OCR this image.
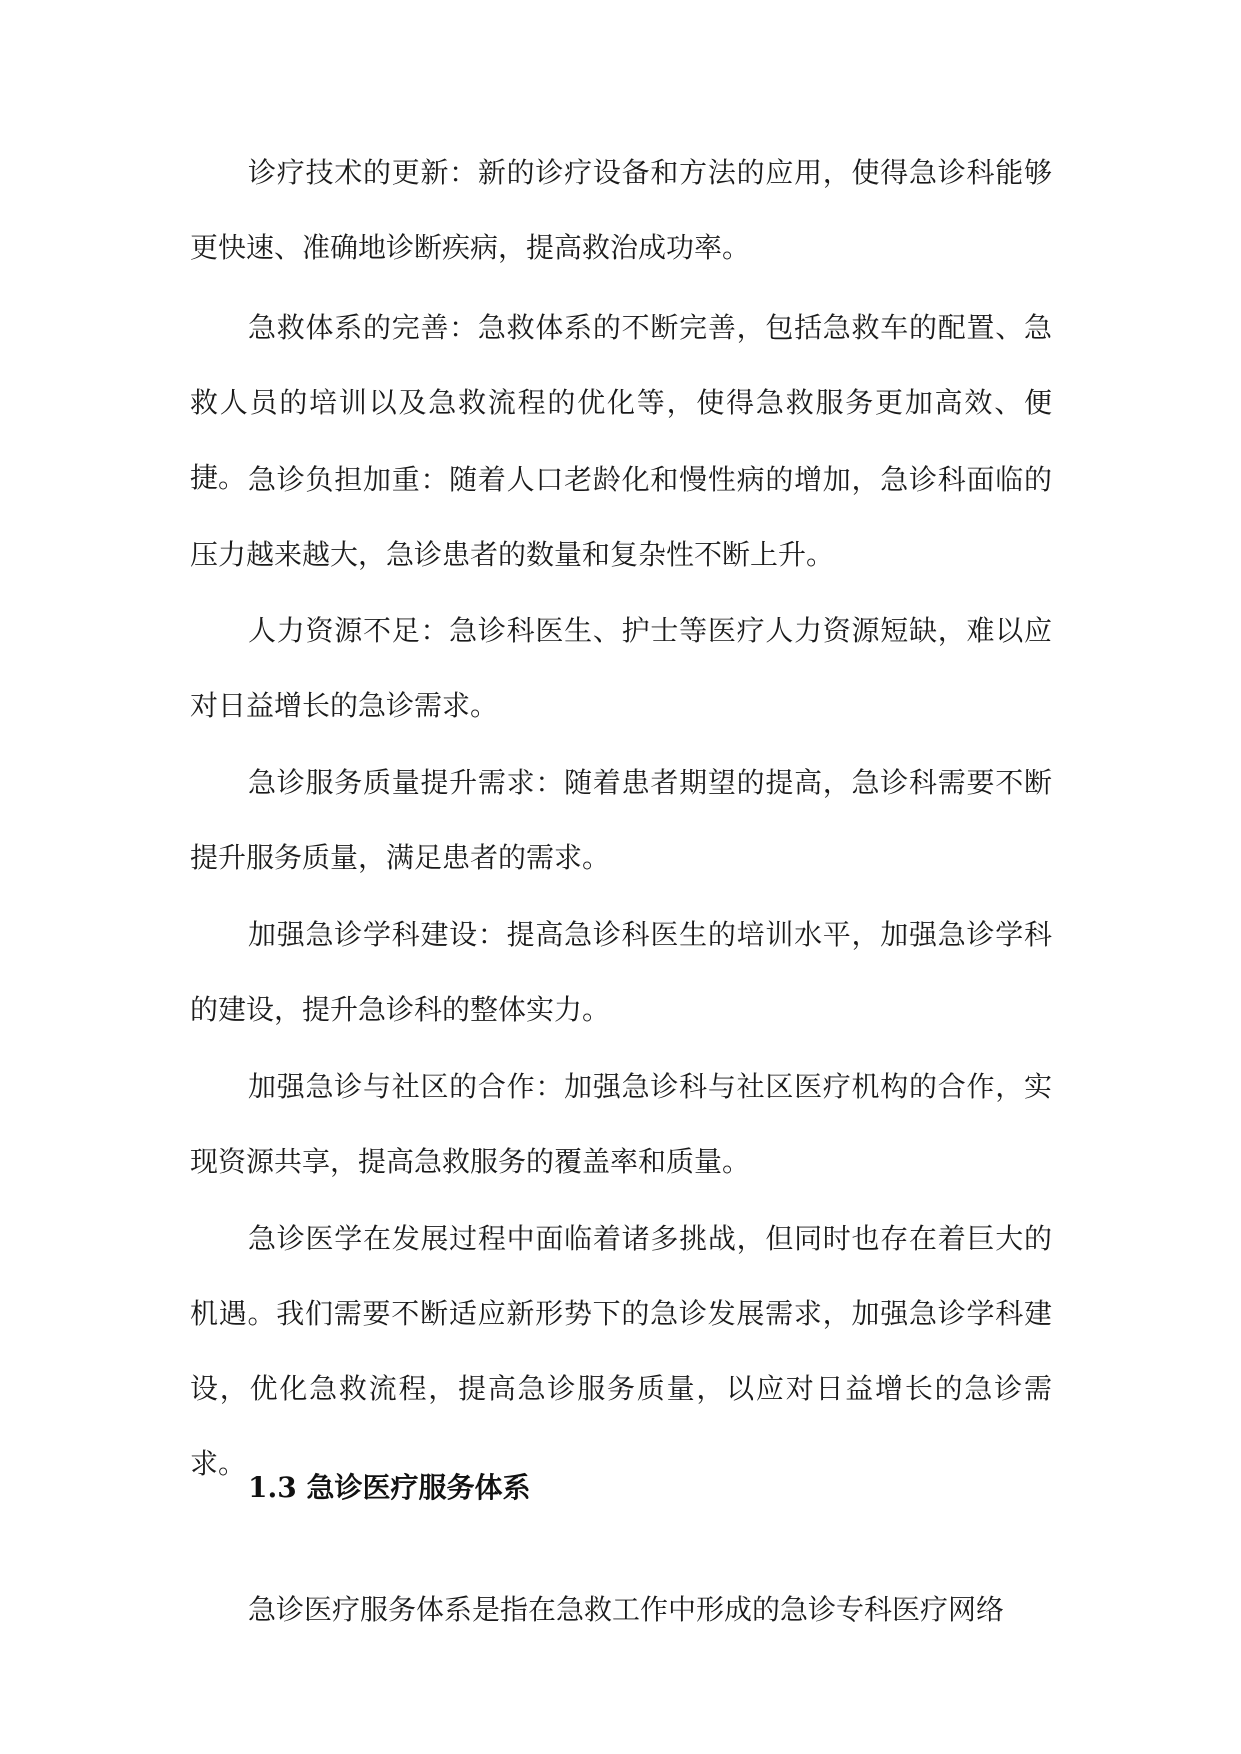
诊疗技术的更新：新的诊疗设备和方法的应用，使得急诊科能够更快速、准确地诊断疾病，提高救治成功率。

急救体系的完善：急救体系的不断完善，包括急救车的配置、急救人员的培训以及急救流程的优化等，使得急救服务更加高效、便捷。 急诊负担加重：随着人口老龄化和慢性病的增加，急诊科面临的压力越来越大，急诊患者的数量和复杂性不断上升。

人力资源不足：急诊科医生、护士等医疗人力资源短缺，难以应对日益增长的急诊需求。

急诊服务质量提升需求：随着患者期望的提高，急诊科需要不断提升服务质量，满足患者的需求。

加强急诊学科建设：提高急诊科医生的培训水平，加强急诊学科的建设，提升急诊科的整体实力。

加强急诊与社区的合作：加强急诊科与社区医疗机构的合作，实现资源共享，提高急救服务的覆盖率和质量。

急诊医学在发展过程中面临着诸多挑战，但同时也存在着巨大的机遇。我们需要不断适应新形势下的急诊发展需求，加强急诊学科建设，优化急救流程，提高急诊服务质量，以应对日益增长的急诊需求。

1.3 急诊医疗服务体系

急诊医疗服务体系是指在急救工作中形成的急诊专科医疗网络
